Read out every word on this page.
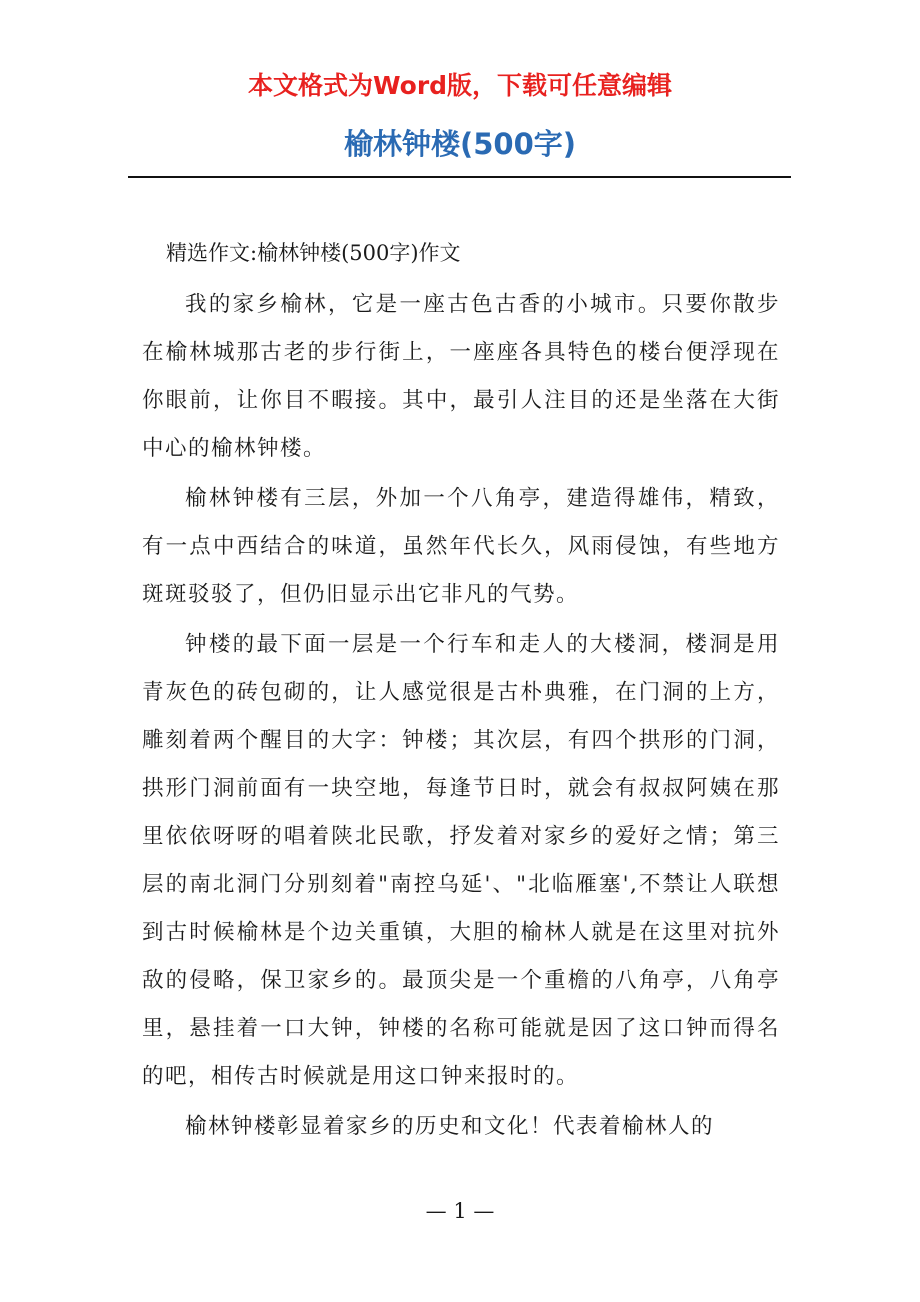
本文格式为Word版，下载可任意编辑

榆林钟楼(500字)

精选作文:榆林钟楼(500字)作文

我的家乡榆林，它是一座古色古香的小城市。只要你散步在榆林城那古老的步行街上，一座座各具特色的楼台便浮现在你眼前，让你目不暇接。其中，最引人注目的还是坐落在大街中心的榆林钟楼。

榆林钟楼有三层，外加一个八角亭，建造得雄伟，精致，有一点中西结合的味道，虽然年代长久，风雨侵蚀，有些地方斑斑驳驳了，但仍旧显示出它非凡的气势。

钟楼的最下面一层是一个行车和走人的大楼洞，楼洞是用青灰色的砖包砌的，让人感觉很是古朴典雅，在门洞的上方，雕刻着两个醒目的大字：钟楼；其次层，有四个拱形的门洞，拱形门洞前面有一块空地，每逢节日时，就会有叔叔阿姨在那里依依呀呀的唱着陕北民歌，抒发着对家乡的爱好之情；第三层的南北洞门分别刻着"南控乌延'、"北临雁塞',不禁让人联想到古时候榆林是个边关重镇，大胆的榆林人就是在这里对抗外敌的侵略，保卫家乡的。最顶尖是一个重檐的八角亭，八角亭里，悬挂着一口大钟，钟楼的名称可能就是因了这口钟而得名的吧，相传古时候就是用这口钟来报时的。

榆林钟楼彰显着家乡的历史和文化！代表着榆林人的

— 1 —
